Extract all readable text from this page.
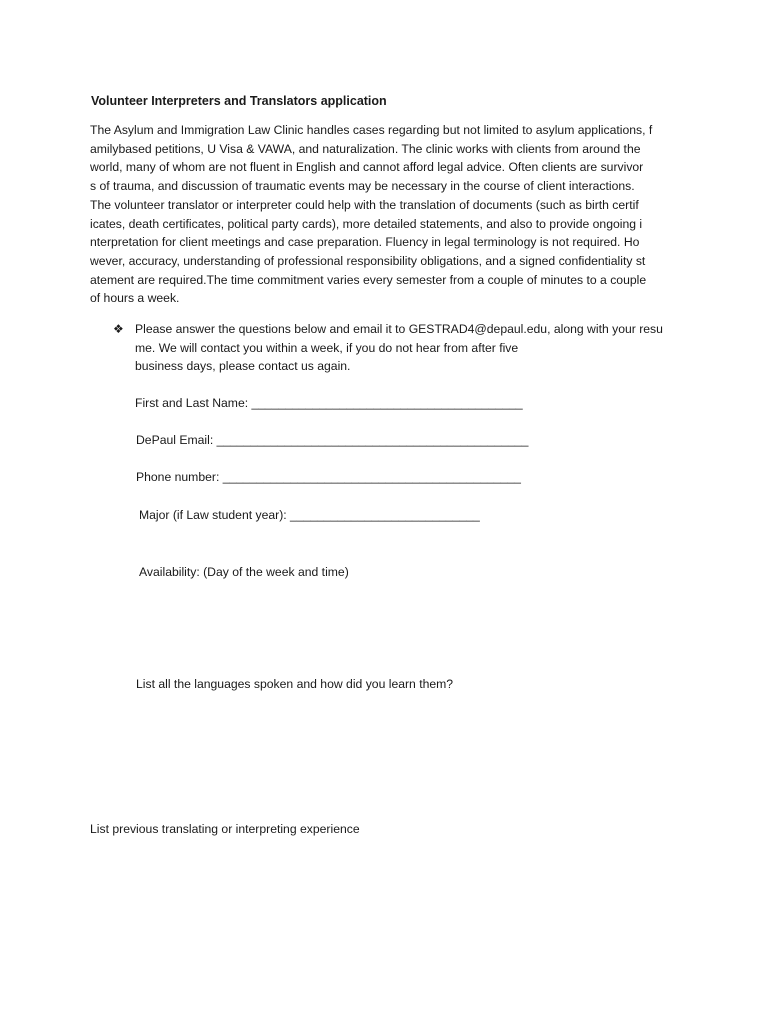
Volunteer Interpreters and Translators application
The Asylum and Immigration Law Clinic handles cases regarding but not limited to asylum applications, f
amilybased petitions, U Visa & VAWA, and naturalization. The clinic works with clients from around the
world, many of whom are not fluent in English and cannot afford legal advice. Often clients are survivor
s of trauma, and discussion of traumatic events may be necessary in the course of client interactions.
The volunteer translator or interpreter could help with the translation of documents (such as birth certif
icates, death certificates, political party cards), more detailed statements, and also to provide ongoing i
nterpretation for client meetings and case preparation. Fluency in legal terminology is not required. Ho
wever, accuracy, understanding of professional responsibility obligations, and a signed confidentiality st
atement are required.The time commitment varies every semester from a couple of minutes to a couple
of hours a week.
❖ Please answer the questions below and email it to GESTRAD4@depaul.edu, along with your resu
me. We will contact you within a week, if you do not hear from after five
business days, please contact us again.
First and Last Name: ________________________________________
DePaul Email: ______________________________________________
Phone number: ____________________________________________
Major (if Law student year): ____________________________
Availability: (Day of the week and time)
List all the languages spoken and how did you learn them?
List previous translating or interpreting experience
